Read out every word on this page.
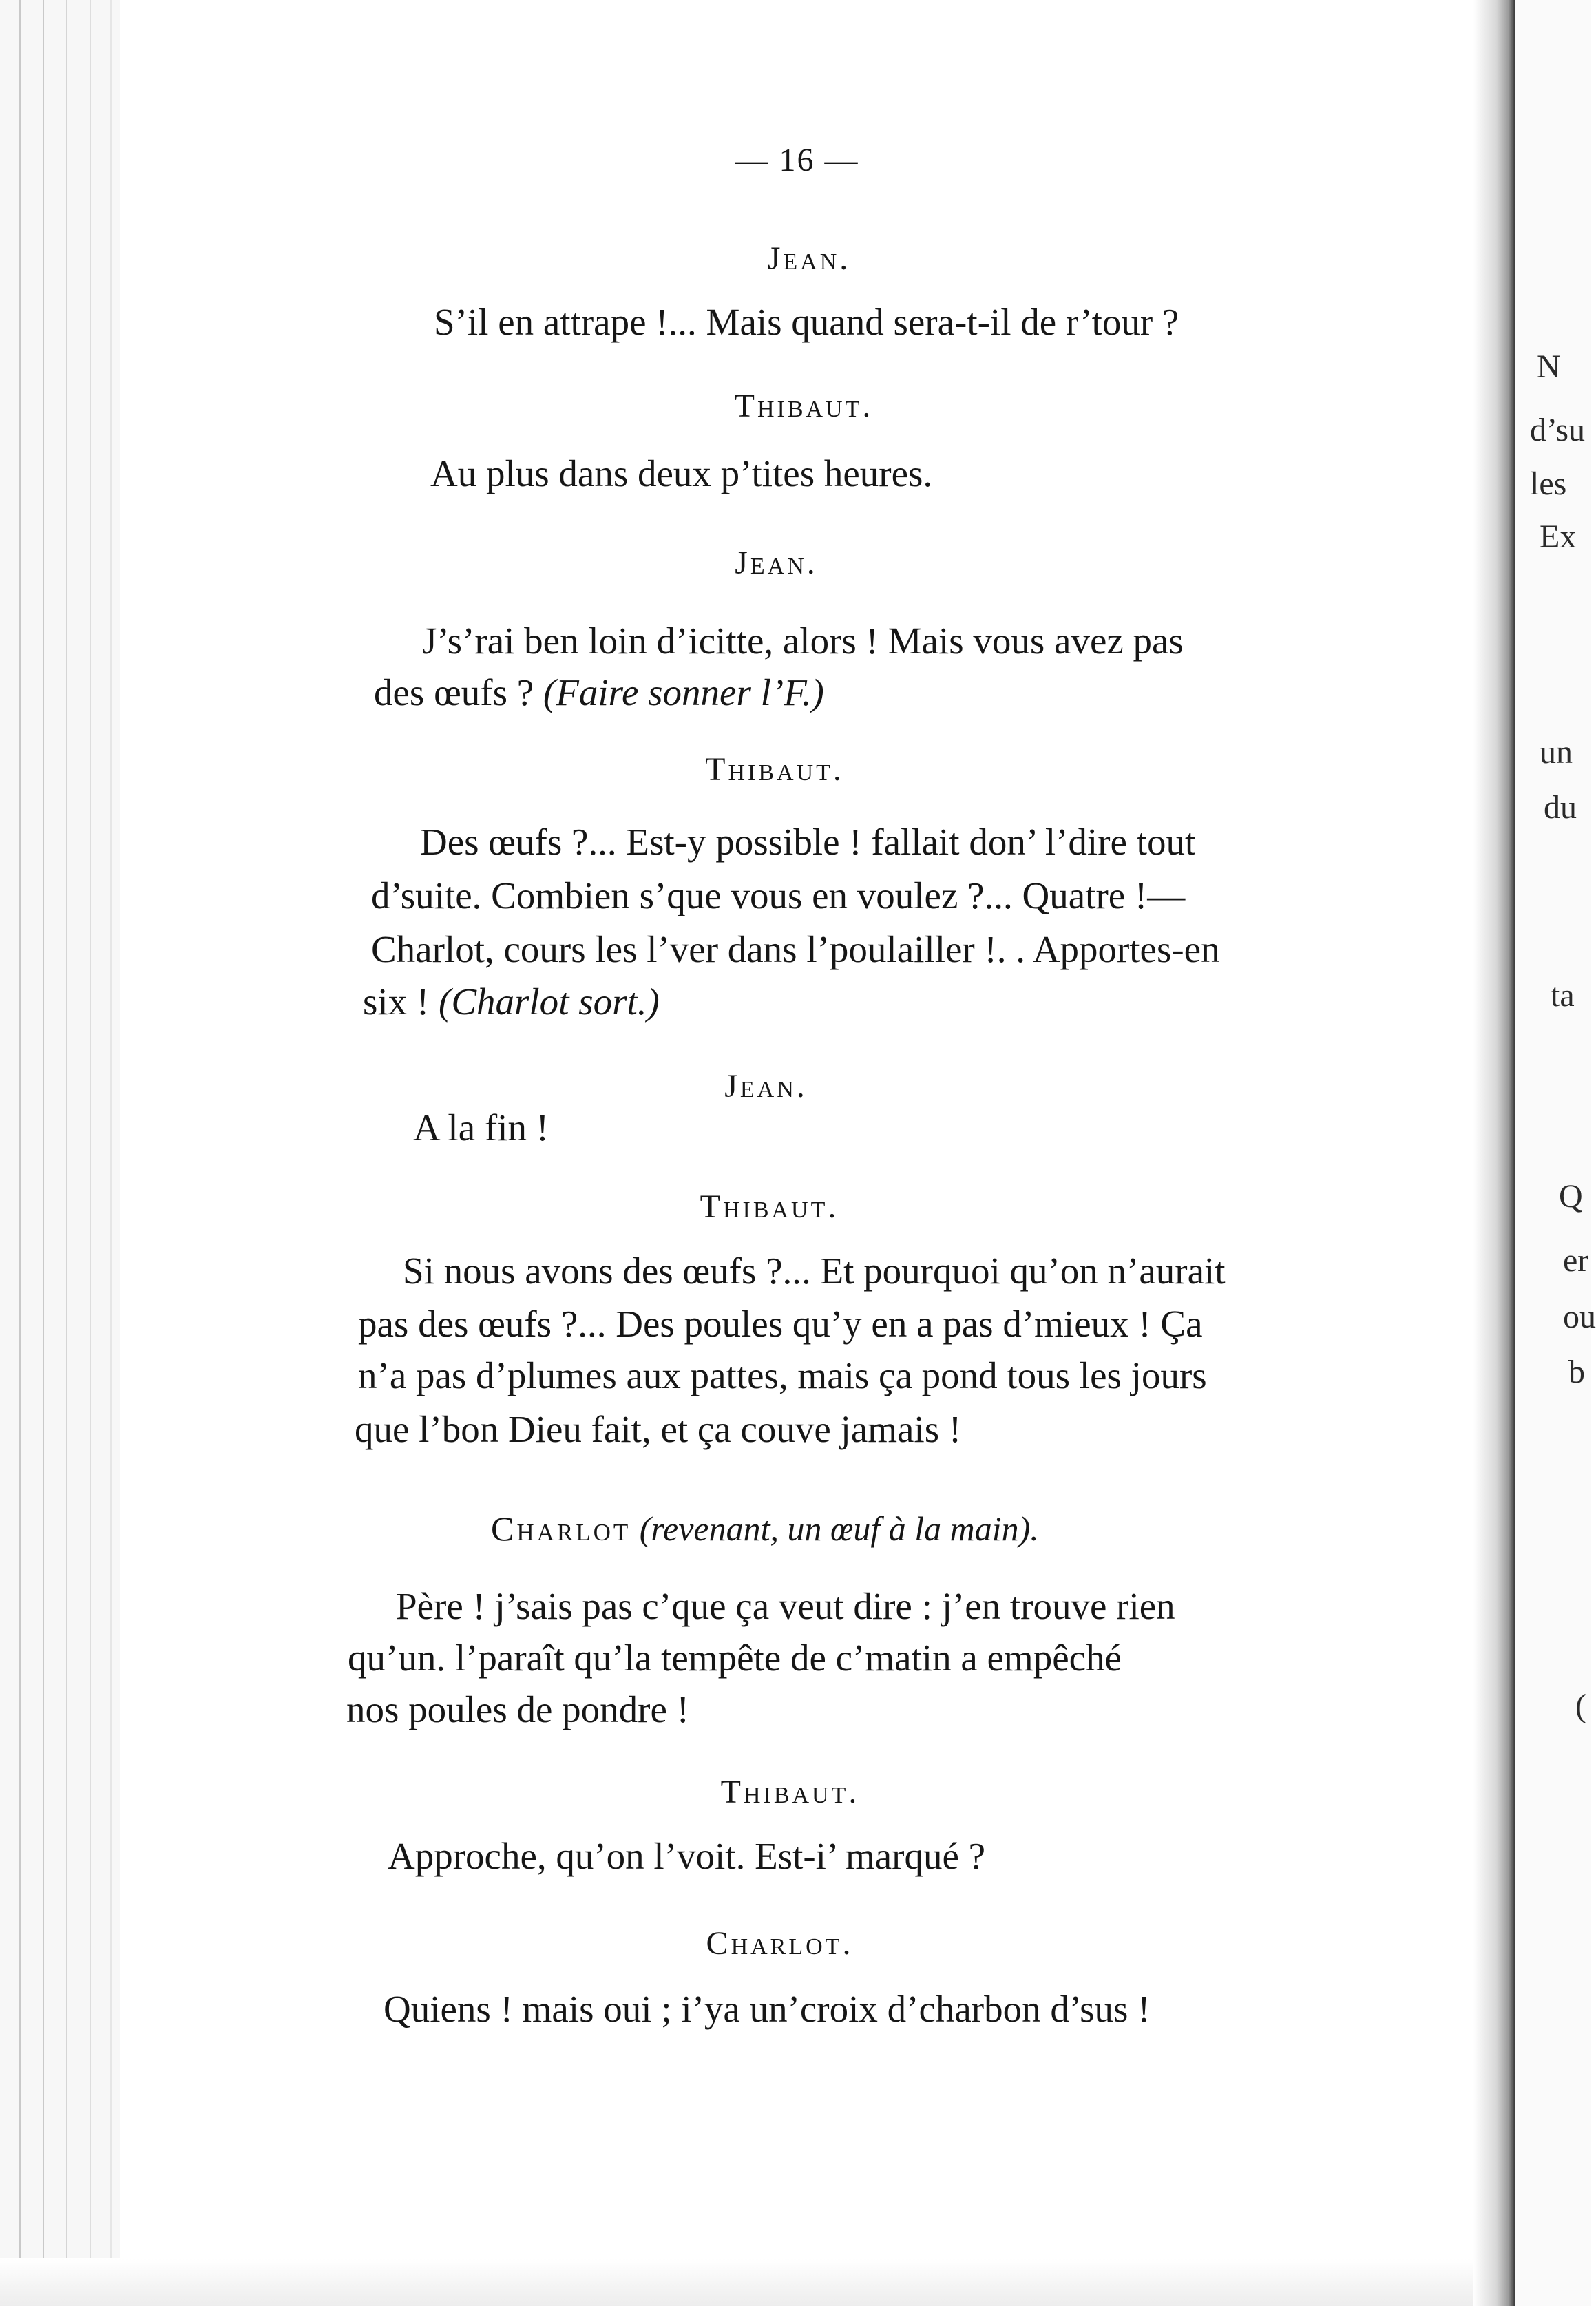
— 16 —
Jean.
S’il en attrape !... Mais quand sera-t-il de r’tour ?
Thibaut.
Au plus dans deux p’tites heures.
Jean.
J’s’rai ben loin d’icitte, alors ! Mais vous avez pas
des œufs ? (Faire sonner l’F.)
Thibaut.
Des œufs ?... Est-y possible ! fallait don’ l’dire tout
d’suite. Combien s’que vous en voulez ?... Quatre !—
Charlot, cours les l’ver dans l’poulailler !. . Apportes-en
six ! (Charlot sort.)
Jean.
A la fin !
Thibaut.
Si nous avons des œufs ?... Et pourquoi qu’on n’aurait
pas des œufs ?... Des poules qu’y en a pas d’mieux ! Ça
n’a pas d’plumes aux pattes, mais ça pond tous les jours
que l’bon Dieu fait, et ça couve jamais !
Charlot (revenant, un œuf à la main).
Père ! j’sais pas c’que ça veut dire : j’en trouve rien
qu’un. l’paraît qu’la tempête de c’matin a empêché
nos poules de pondre !
Thibaut.
Approche, qu’on l’voit. Est-i’ marqué ?
Charlot.
Quiens ! mais oui ; i’ya un’croix d’charbon d’sus !
N
d’su
les
Ex
un
du
ta
Q
er
ou
b
(
